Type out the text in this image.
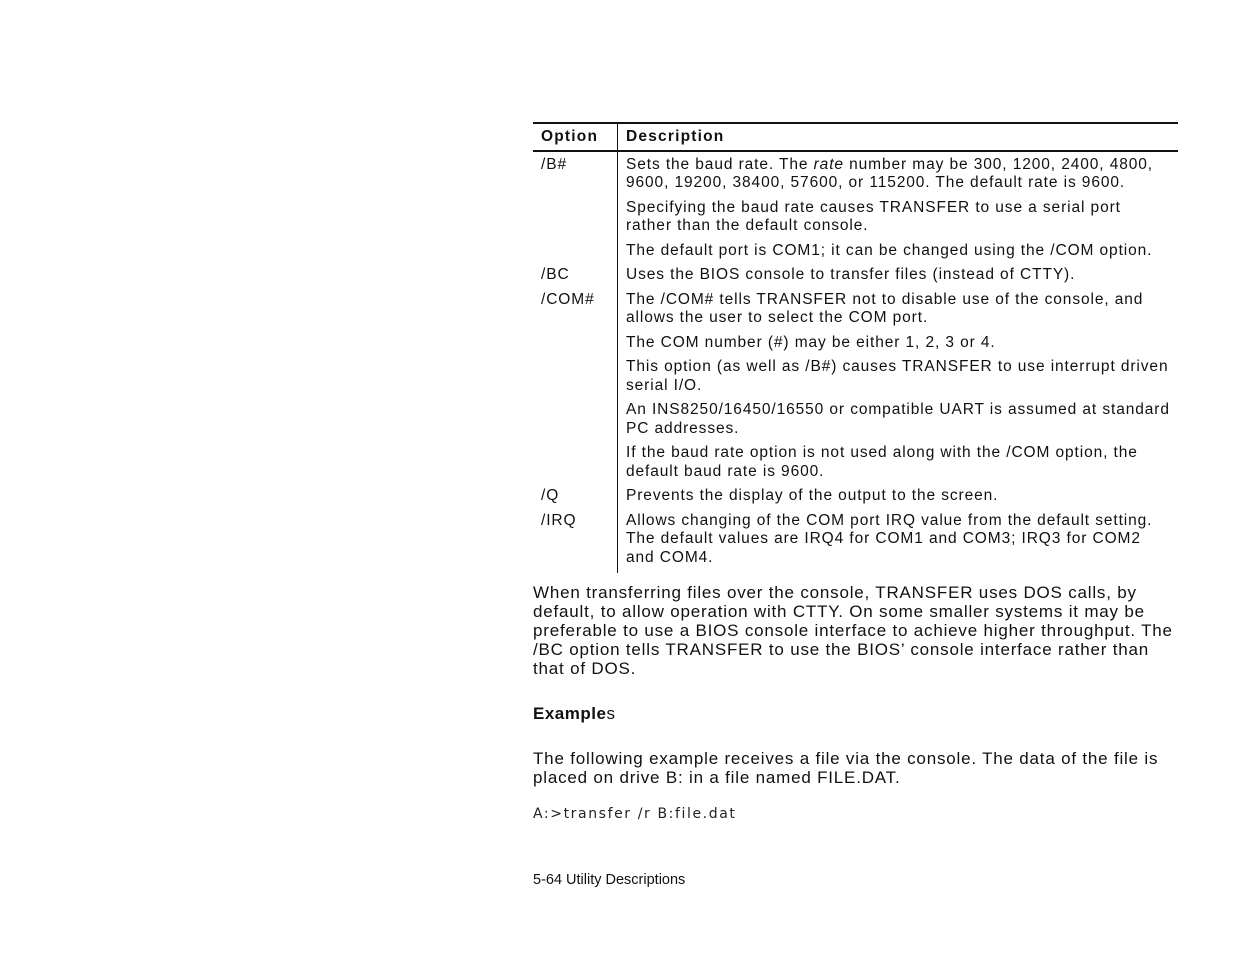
Option	Description
/B#	Sets the baud rate. The rate number may be 300, 1200, 2400, 4800, 9600, 19200, 38400, 57600, or 115200. The default rate is 9600.
Specifying the baud rate causes TRANSFER to use a serial port rather than the default console.
The default port is COM1; it can be changed using the /COM option.

/BC	Uses the BIOS console to transfer files (instead of CTTY).

/COM#	The /COM# tells TRANSFER not to disable use of the console, and allows the user to select the COM port.
The COM number (#) may be either 1, 2, 3 or 4.
This option (as well as /B#) causes TRANSFER to use interrupt driven serial I/O.
An INS8250/16450/16550 or compatible UART is assumed at standard PC addresses.
If the baud rate option is not used along with the /COM option, the default baud rate is 9600.

/Q	Prevents the display of the output to the screen.

/IRQ	Allows changing of the COM port IRQ value from the default setting. The default values are IRQ4 for COM1 and COM3; IRQ3 for COM2 and COM4.

When transferring files over the console, TRANSFER uses DOS calls, by default, to allow operation with CTTY. On some smaller systems it may be preferable to use a BIOS console interface to achieve higher throughput. The /BC option tells TRANSFER to use the BIOS’ console interface rather than that of DOS.

Examples

The following example receives a file via the console. The data of the file is placed on drive B: in a file named FILE.DAT.

A:>transfer /r B:file.dat
5-64 Utility Descriptions
